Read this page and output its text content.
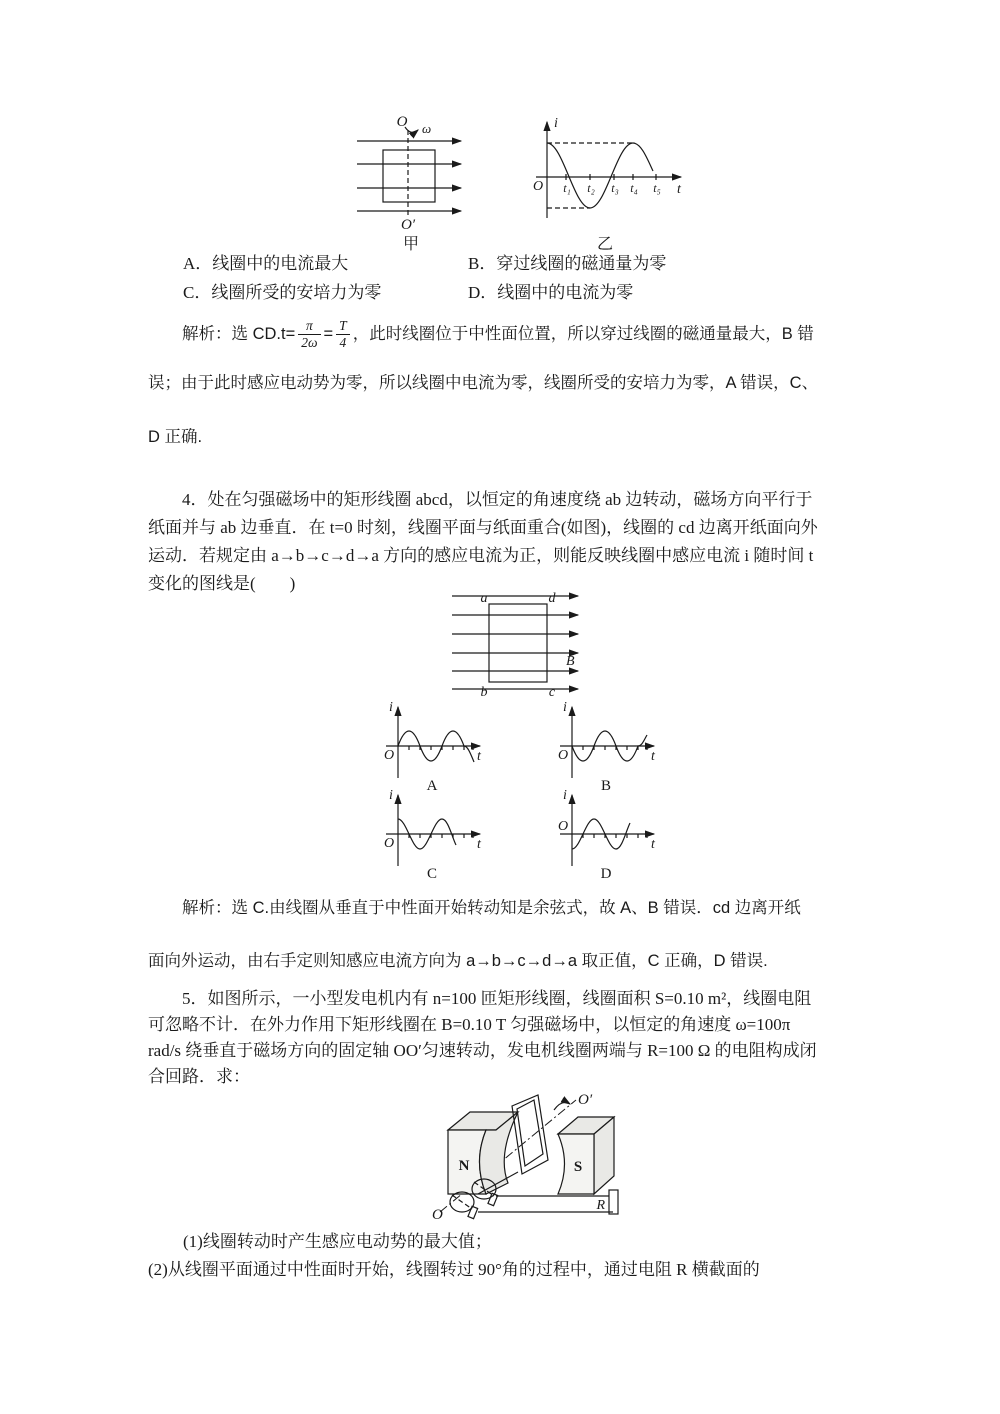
O ω
O′
甲
i
O	t
t₁ t₂ t₃ t₄ t₅
乙
A．线圈中的电流最大	B．穿过线圈的磁通量为零
C．线圈所受的安培力为零	D．线圈中的电流为零
解析：选 $CD.t= \frac{\pi}{2\omega} = \frac{T}{4}$ ，此时线圈位于中性面位置，所以穿过线圈的磁通量最大，B 错
误；由于此时感应电动势为零，所以线圈中电流为零，线圈所受的安培力为零，A 错误，C、
D 正确.
4．处在匀强磁场中的矩形线圈 abcd，以恒定的角速度绕 ab 边转动，磁场方向平行于
纸面并与 ab 边垂直．在 t=0 时刻，线圈平面与纸面重合(如图)，线圈的 cd 边离开纸面向外
运动．若规定由 a→b→c→d→a 方向的感应电流为正，则能反映线圈中感应电流 i 随时间 t
变化的图线是(　　)
a	d
b	c
B
i
O	t
A
i
O	t
B
i
O	t
C
i
O
t
D
解析：选 C.由线圈从垂直于中性面开始转动知是余弦式，故 A、B 错误．cd 边离开纸
面向外运动，由右手定则知感应电流方向为 a→b→c→d→a 取正值，C 正确，D 错误.
5．如图所示，一小型发电机内有 n=100 匝矩形线圈，线圈面积 S=0.10 m²，线圈电阻
可忽略不计．在外力作用下矩形线圈在 B=0.10 T 匀强磁场中，以恒定的角速度 ω=100π
rad/s 绕垂直于磁场方向的固定轴 OO′匀速转动，发电机线圈两端与 R=100 Ω 的电阻构成闭
合回路．求：
N	S
R
O′
O
(1)线圈转动时产生感应电动势的最大值；
(2)从线圈平面通过中性面时开始，线圈转过 90°角的过程中，通过电阻 R 横截面的
